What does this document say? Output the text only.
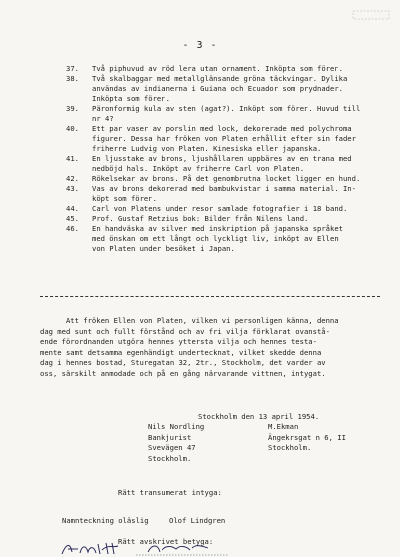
- 3 -
37.	Två piphuvud av röd lera utan ornament. Inköpta som förег.
38.	Två skalbaggar med metallglänsande gröna täckvingar. Dylika
användas av indianerna i Guiana och Ecuador som prydnader.
Inköpta som förег.
39.	Päronformig kula av sten (agat?). Inköpt som förег. Huvud till
nr 4?
40.	Ett par vaser av porslin med lock, dekorerade med polychroma
figurer. Dessa har fröken von Platen erhållit efter sin fader
friherre Ludvig von Platen. Kinesiska eller japanska.
41.	En ljusstake av brons, ljushållaren uppbäres av en trana med
nedböjd hals. Inköpt av friherre Carl von Platen.
42.	Rökelsekar av brons. På det genombrutna locket ligger en hund.
43.	Vas av brons dekorerad med bambukvistar i samma material. In-
köpt som förег.
44.	Carl von Platens under resor samlade fotografier i 18 band.
45.	Prof. Gustaf Retzius bok: Bilder från Nilens land.
46.	En handväska av silver med inskription på japanska språket
med önskan om ett långt och lyckligt liv, inköpt av Ellen
von Platen under besöket i Japan.
Att fröken Ellen von Platen, vilken vi personligen känna, denna
dag med sunt och fullt förstånd och av fri vilja förklarat ovanstå-
ende förordnanden utgöra hennes yttersta vilja och hennes testa-
mente samt detsamma egenhändigt undertecknat, vilket skedde denna
dag i hennes bostad, Sturegatan 32, 2tr., Stockholm, det varder av
oss, särskilt anmodade och på en gång närvarande vittnen, intygat.
Stockholm den 13 april 1954.
Nils Nordling
Bankjurist
Svevägen 47
Stockholm.
M.Ekman
Ängekrsgat n 6, II
Stockholm.
Rätt transumerat intyga:
Namnteckning oläslig	Olof Lindgren
Rätt avskrivet betyga:
